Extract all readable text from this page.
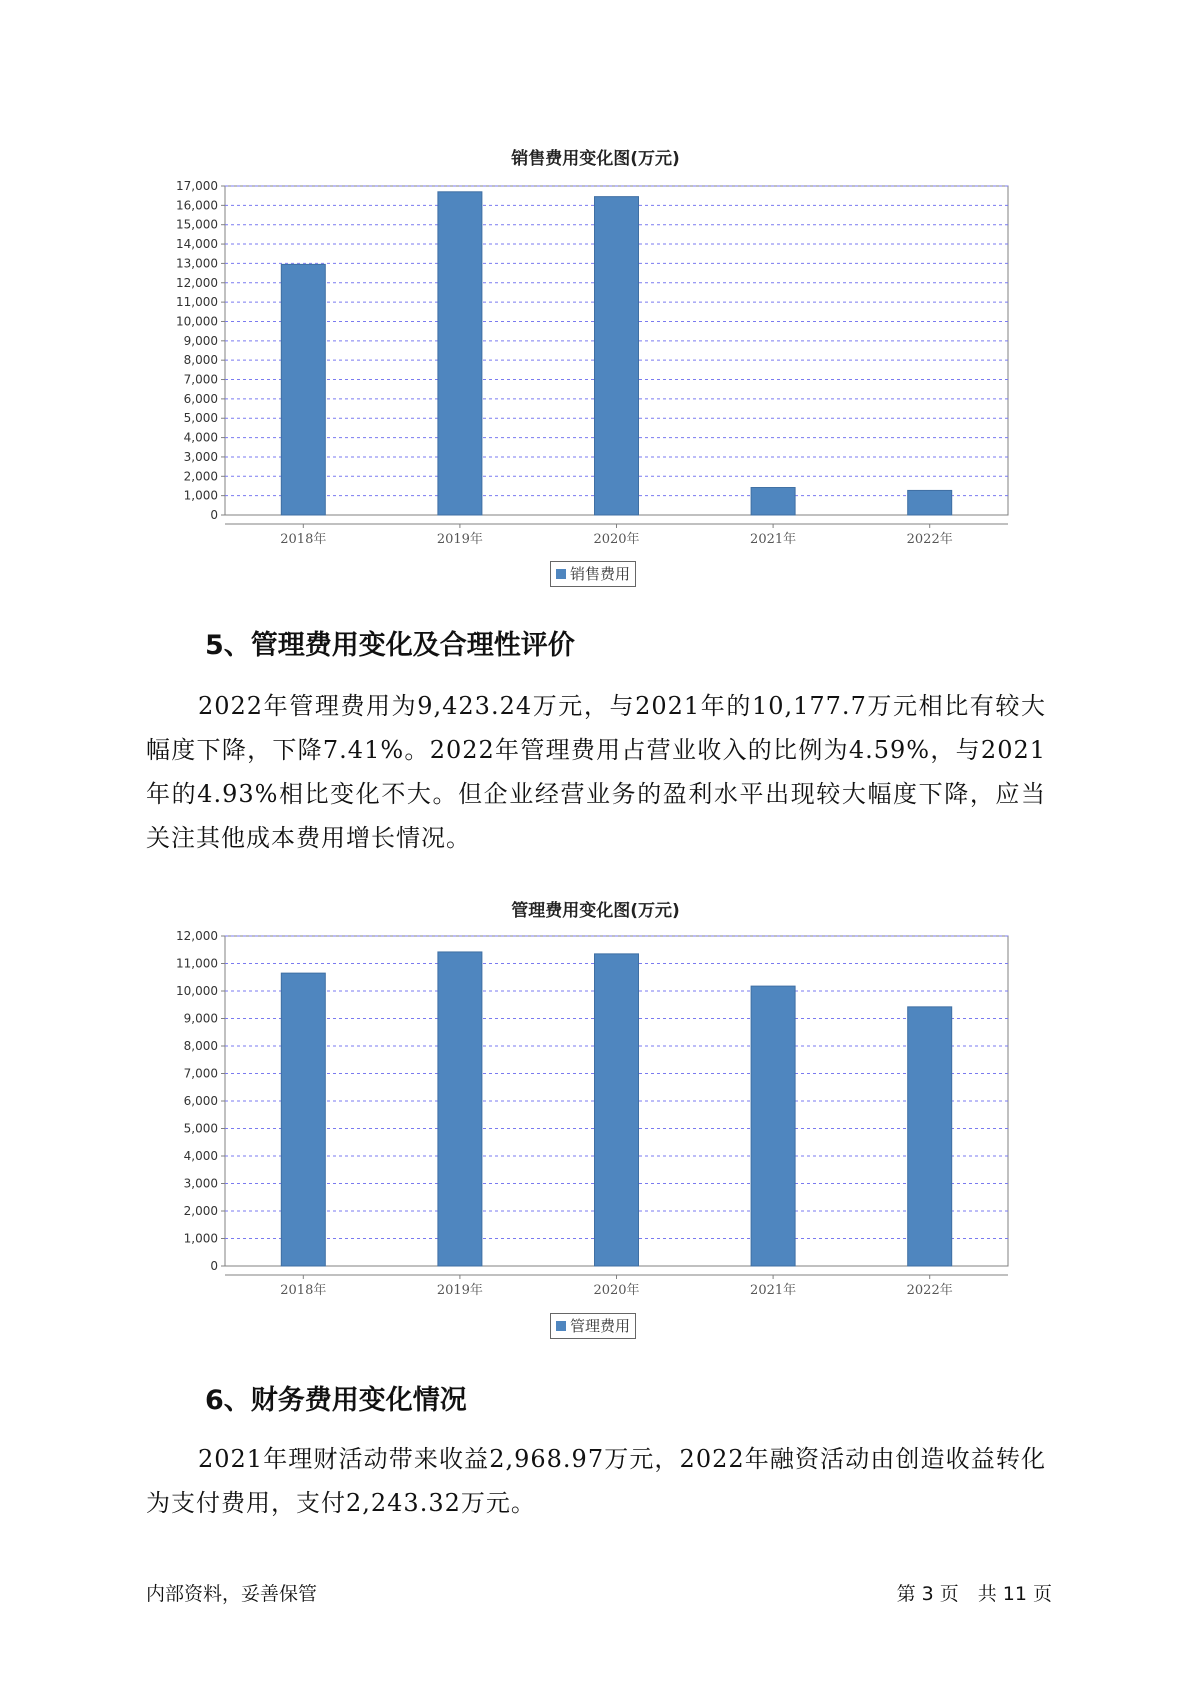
销售费用变化图(万元)
0
1,000
2,000
3,000
4,000
5,000
6,000
7,000
8,000
9,000
10,000
11,000
12,000
13,000
14,000
15,000
16,000
17,000
2018年	2019年	2020年	2021年	2022年
销售费用
5、管理费用变化及合理性评价
2022年管理费用为9,423.24万元，与2021年的10,177.7万元相比有较大幅度下降，下降7.41%。2022年管理费用占营业收入的比例为4.59%，与2021年的4.93%相比变化不大。但企业经营业务的盈利水平出现较大幅度下降，应当关注其他成本费用增长情况。
管理费用变化图(万元)
0
1,000
2,000
3,000
4,000
5,000
6,000
7,000
8,000
9,000
10,000
11,000
12,000
2018年	2019年	2020年	2021年	2022年
管理费用
6、财务费用变化情况
2021年理财活动带来收益2,968.97万元，2022年融资活动由创造收益转化为支付费用，支付2,243.32万元。
内部资料，妥善保管	第 3 页　共 11 页
